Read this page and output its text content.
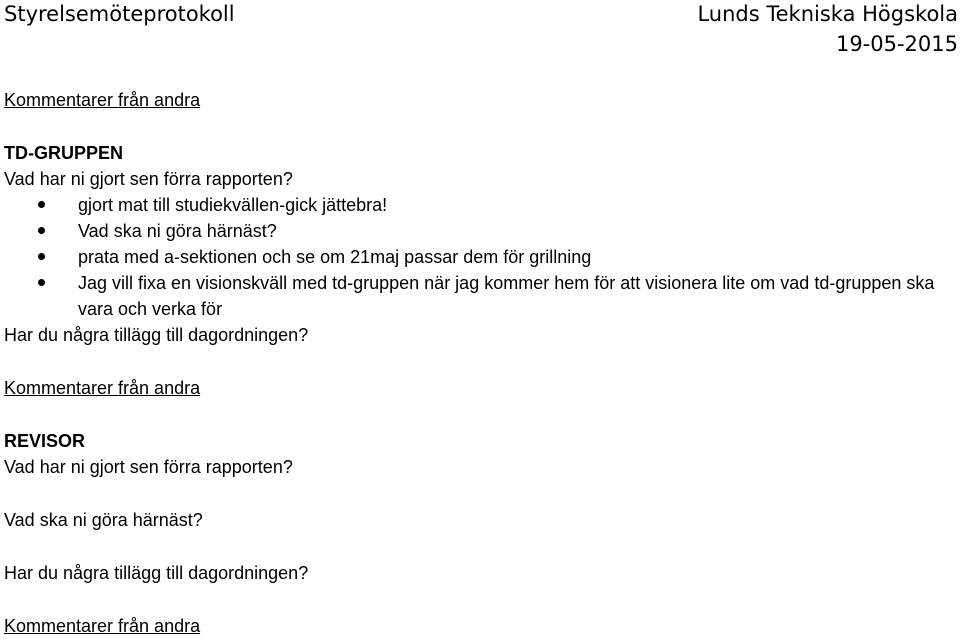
Styrelsemöteprotokoll	Lunds Tekniska Högskola
19-05-2015
Kommentarer från andra
TD-GRUPPEN
Vad har ni gjort sen förra rapporten?
gjort mat till studiekvällen-gick jättebra!
Vad ska ni göra härnäst?
prata med a-sektionen och se om 21maj passar dem för grillning
Jag vill fixa en visionskväll med td-gruppen när jag kommer hem för att visionera lite om vad td-gruppen ska vara och verka för
Har du några tillägg till dagordningen?
Kommentarer från andra
REVISOR
Vad har ni gjort sen förra rapporten?
Vad ska ni göra härnäst?
Har du några tillägg till dagordningen?
Kommentarer från andra
